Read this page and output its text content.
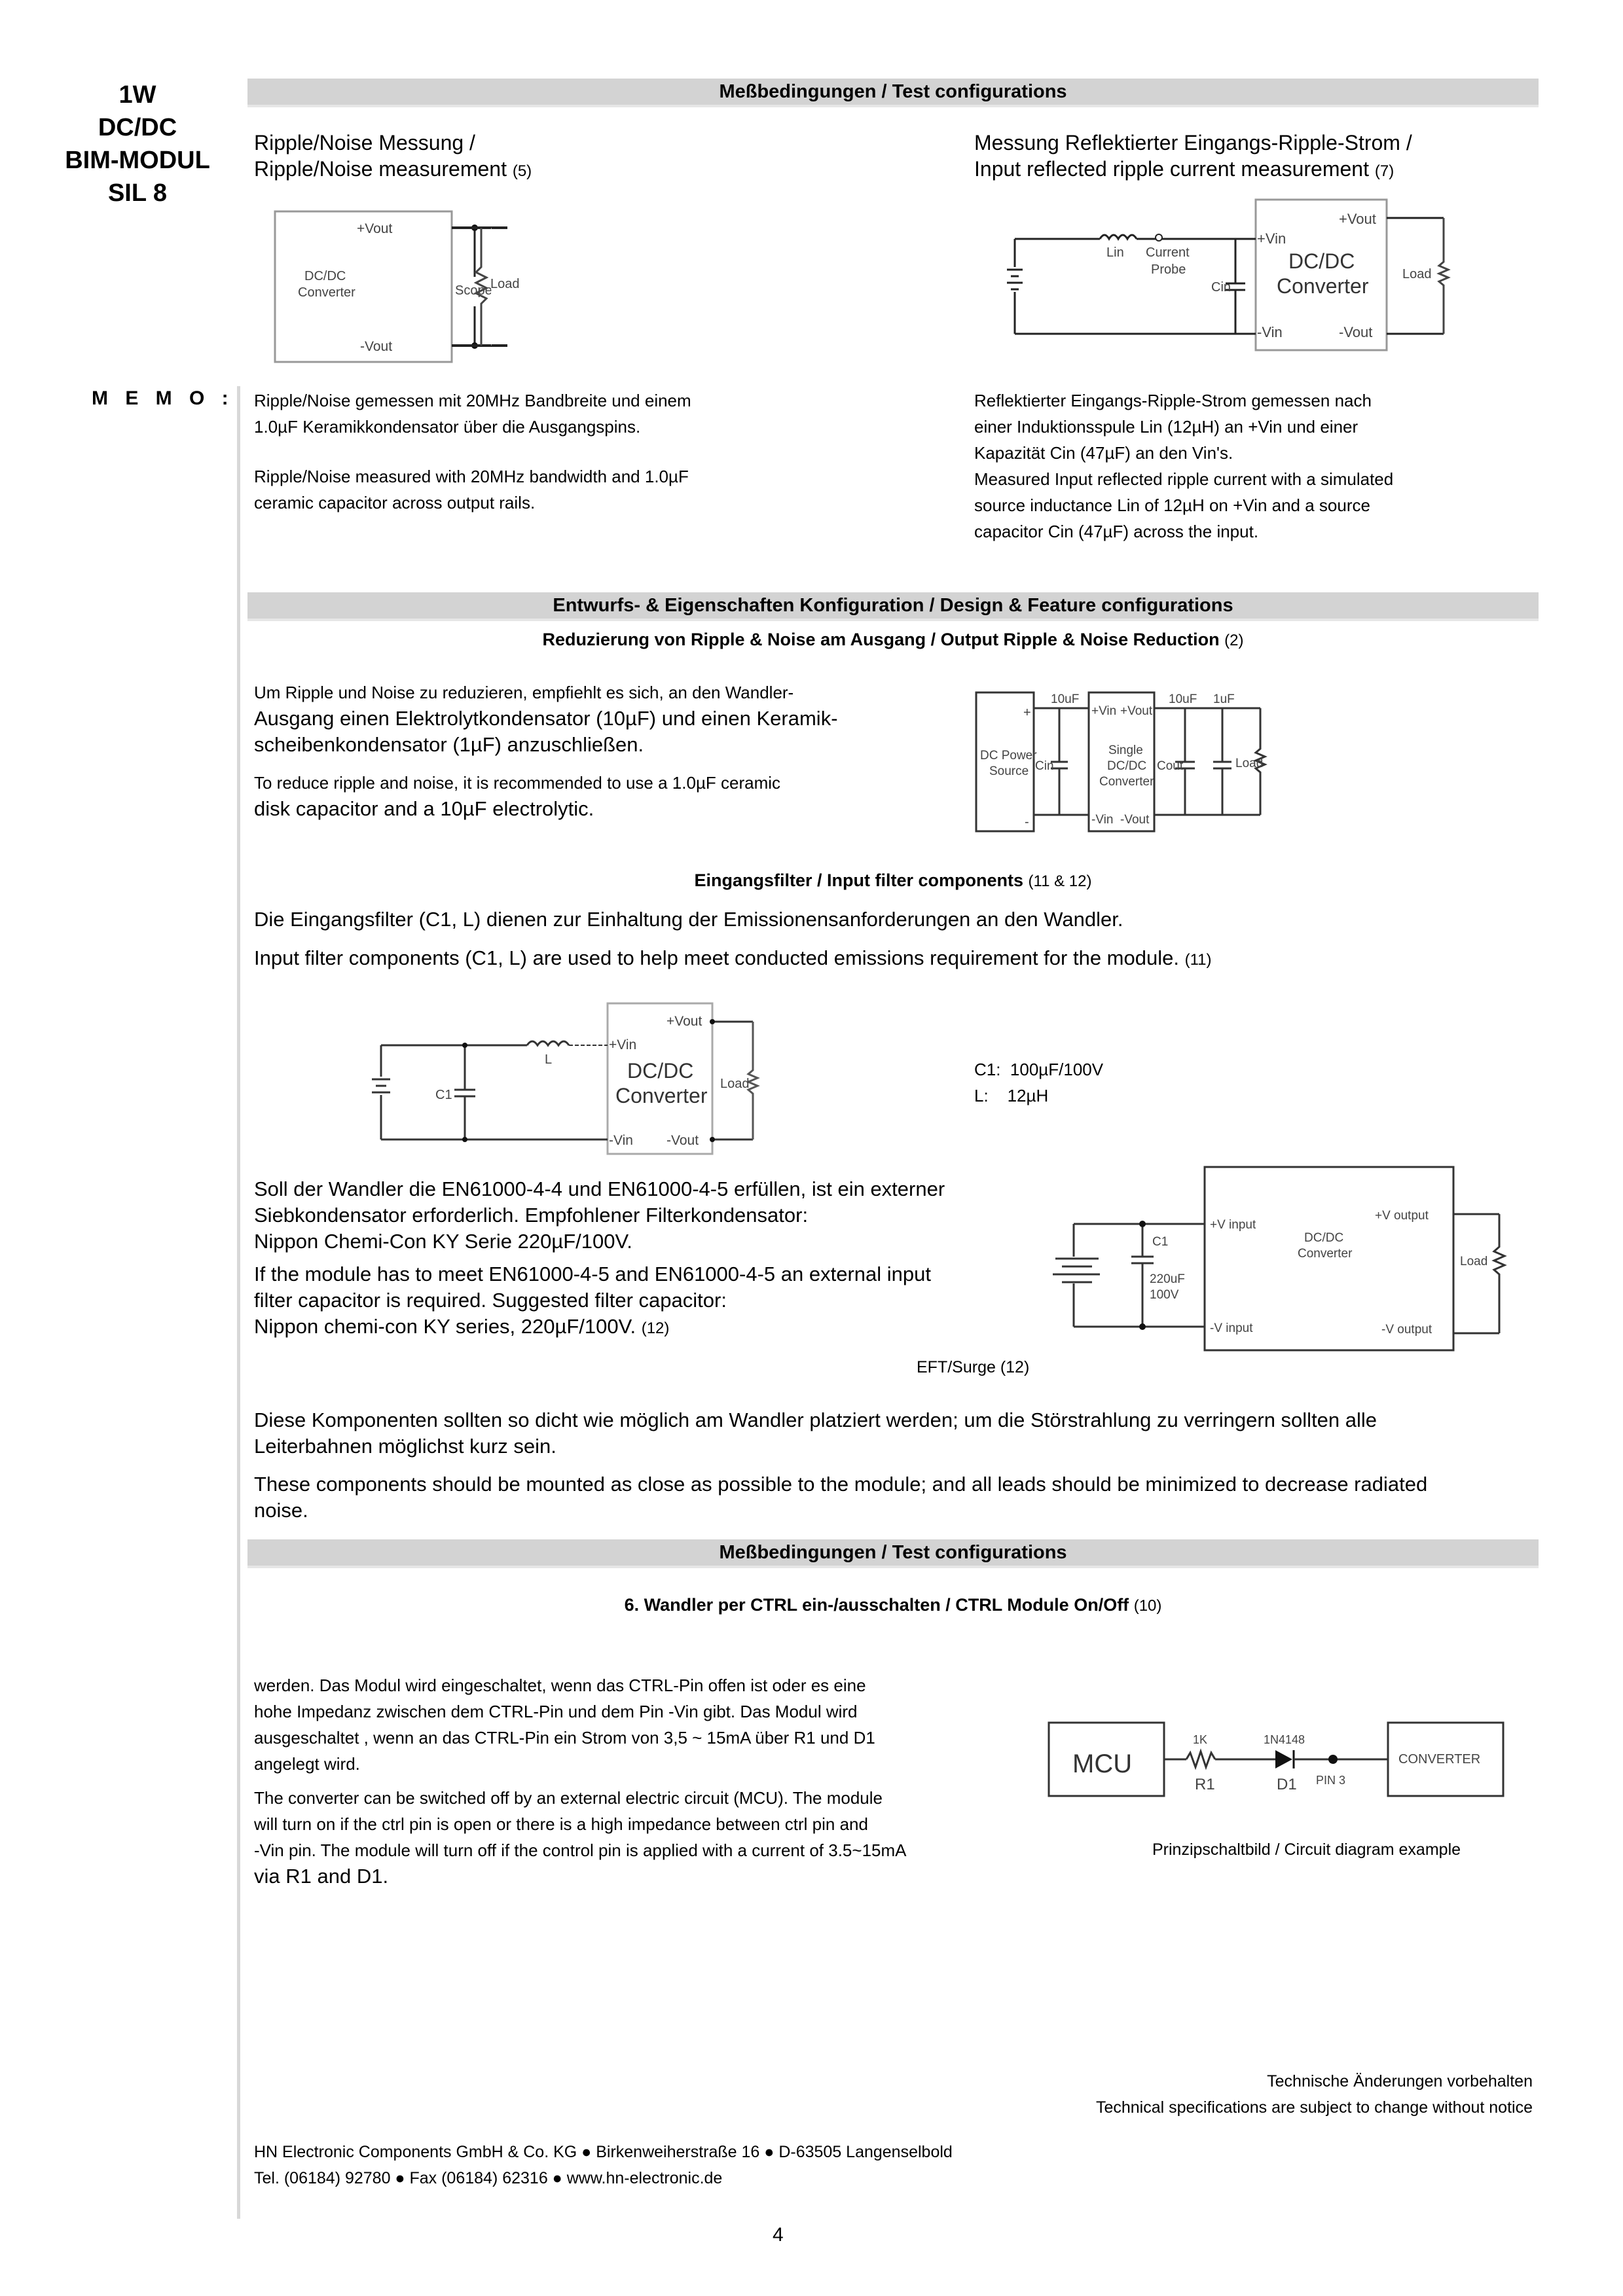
1W
DC/DC
BIM-MODUL
SIL 8
M E M O :
Meßbedingungen / Test configurations
Ripple/Noise Messung /
Ripple/Noise measurement (5)
+Vout
DC/DC
Converter
-Vout
Scope
Load
Messung Reflektierter Eingangs-Ripple-Strom /
Input reflected ripple current measurement (7)
Lin Current
Probe
Cin
+Vin
-Vin
+Vout
-Vout
DC/DC
Converter	Load
Ripple/Noise gemessen mit 20MHz Bandbreite und einem
1.0µF Keramikkondensator über die Ausgangspins.
Ripple/Noise measured with 20MHz bandwidth and 1.0µF
ceramic capacitor across output rails.
Reflektierter Eingangs-Ripple-Strom gemessen nach
einer Induktionsspule Lin (12µH) an +Vin und einer
Kapazität Cin (47µF) an den Vin's.
Measured Input reflected ripple current with a simulated
source inductance Lin of 12µH on +Vin and a source
capacitor Cin (47µF) across the input.
Entwurfs- & Eigenschaften Konfiguration / Design & Feature configurations
Reduzierung von Ripple & Noise am Ausgang / Output Ripple & Noise Reduction (2)
Um Ripple und Noise zu reduzieren, empfiehlt es sich, an den Wandler-
Ausgang einen Elektrolytkondensator (10µF) und einen Keramik-
scheibenkondensator (1µF) anzuschließen.
To reduce ripple and noise, it is recommended to use a 1.0µF ceramic
disk capacitor and a 10µF electrolytic.
DC Power
Source
+
-
10uF
Cin
+Vin
-Vin
+Vout
-Vout
Single
DC/DC
Converter
10uF 1uF
Cout	Load
Eingangsfilter / Input filter components (11 & 12)
Die Eingangsfilter (C1, L) dienen zur Einhaltung der Emissionensanforderungen an den Wandler.
Input filter components (C1, L) are used to help meet conducted emissions requirement for the module. (11)
L
C1
+Vin
-Vin
+Vout
-Vout
DC/DC
Converter Load
C1: 100µF/100V
L: 12µH
Soll der Wandler die EN61000-4-4 und EN61000-4-5 erfüllen, ist ein externer
Siebkondensator erforderlich. Empfohlener Filterkondensator:
Nippon Chemi-Con KY Serie 220µF/100V.
If the module has to meet EN61000-4-5 and EN61000-4-5 an external input
filter capacitor is required. Suggested filter capacitor:
Nippon chemi-con KY series, 220µF/100V. (12)
EFT/Surge (12)
C1
220uF
100V
+V input
-V input
+V output
-V output
DC/DC
Converter
Load
Diese Komponenten sollten so dicht wie möglich am Wandler platziert werden; um die Störstrahlung zu verringern sollten alle
Leiterbahnen möglichst kurz sein.
These components should be mounted as close as possible to the module; and all leads should be minimized to decrease radiated
noise.
Meßbedingungen / Test configurations
6. Wandler per CTRL ein-/ausschalten / CTRL Module On/Off (10)
werden. Das Modul wird eingeschaltet, wenn das CTRL-Pin offen ist oder es eine
hohe Impedanz zwischen dem CTRL-Pin und dem Pin -Vin gibt. Das Modul wird
ausgeschaltet , wenn an das CTRL-Pin ein Strom von 3,5 ~ 15mA über R1 und D1
angelegt wird.
The converter can be switched off by an external electric circuit (MCU). The module
will turn on if the ctrl pin is open or there is a high impedance between ctrl pin and
-Vin pin. The module will turn off if the control pin is applied with a current of 3.5~15mA
via R1 and D1.
MCU
1K
R1
1N4148
D1 PIN 3
CONVERTER
Prinzipschaltbild / Circuit diagram example
Technische Änderungen vorbehalten
Technical specifications are subject to change without notice
HN Electronic Components GmbH & Co. KG ● Birkenweiherstraße 16 ● D-63505 Langenselbold
Tel. (06184) 92780 ● Fax (06184) 62316 ● www.hn-electronic.de
4
